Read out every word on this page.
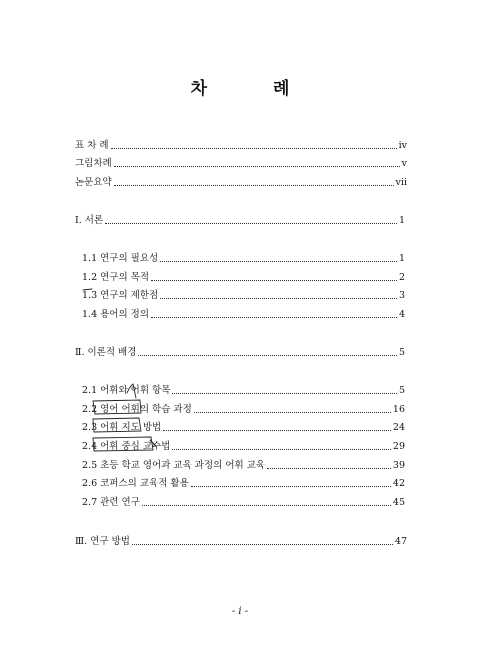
차 례
표 차 례	iv
그림차례	v
논문요약	vii
Ⅰ. 서론	1
1.1 연구의 필요성	1
1.2 연구의 목적	2
1.3 연구의 제한점	3
1.4 용어의 정의	4
Ⅱ. 이론적 배경	5
2.1 어휘와 어휘 항목	5
2.2 영어 어휘의 학습 과정	16
2.3 어휘 지도 방법	24
2.4 어휘 중심 교수법	29
2.5 초등 학교 영어과 교육 과정의 어휘 교육	39
2.6 코퍼스의 교육적 활용	42
2.7 관련 연구	45
Ⅲ. 연구 방법	47
- i -
